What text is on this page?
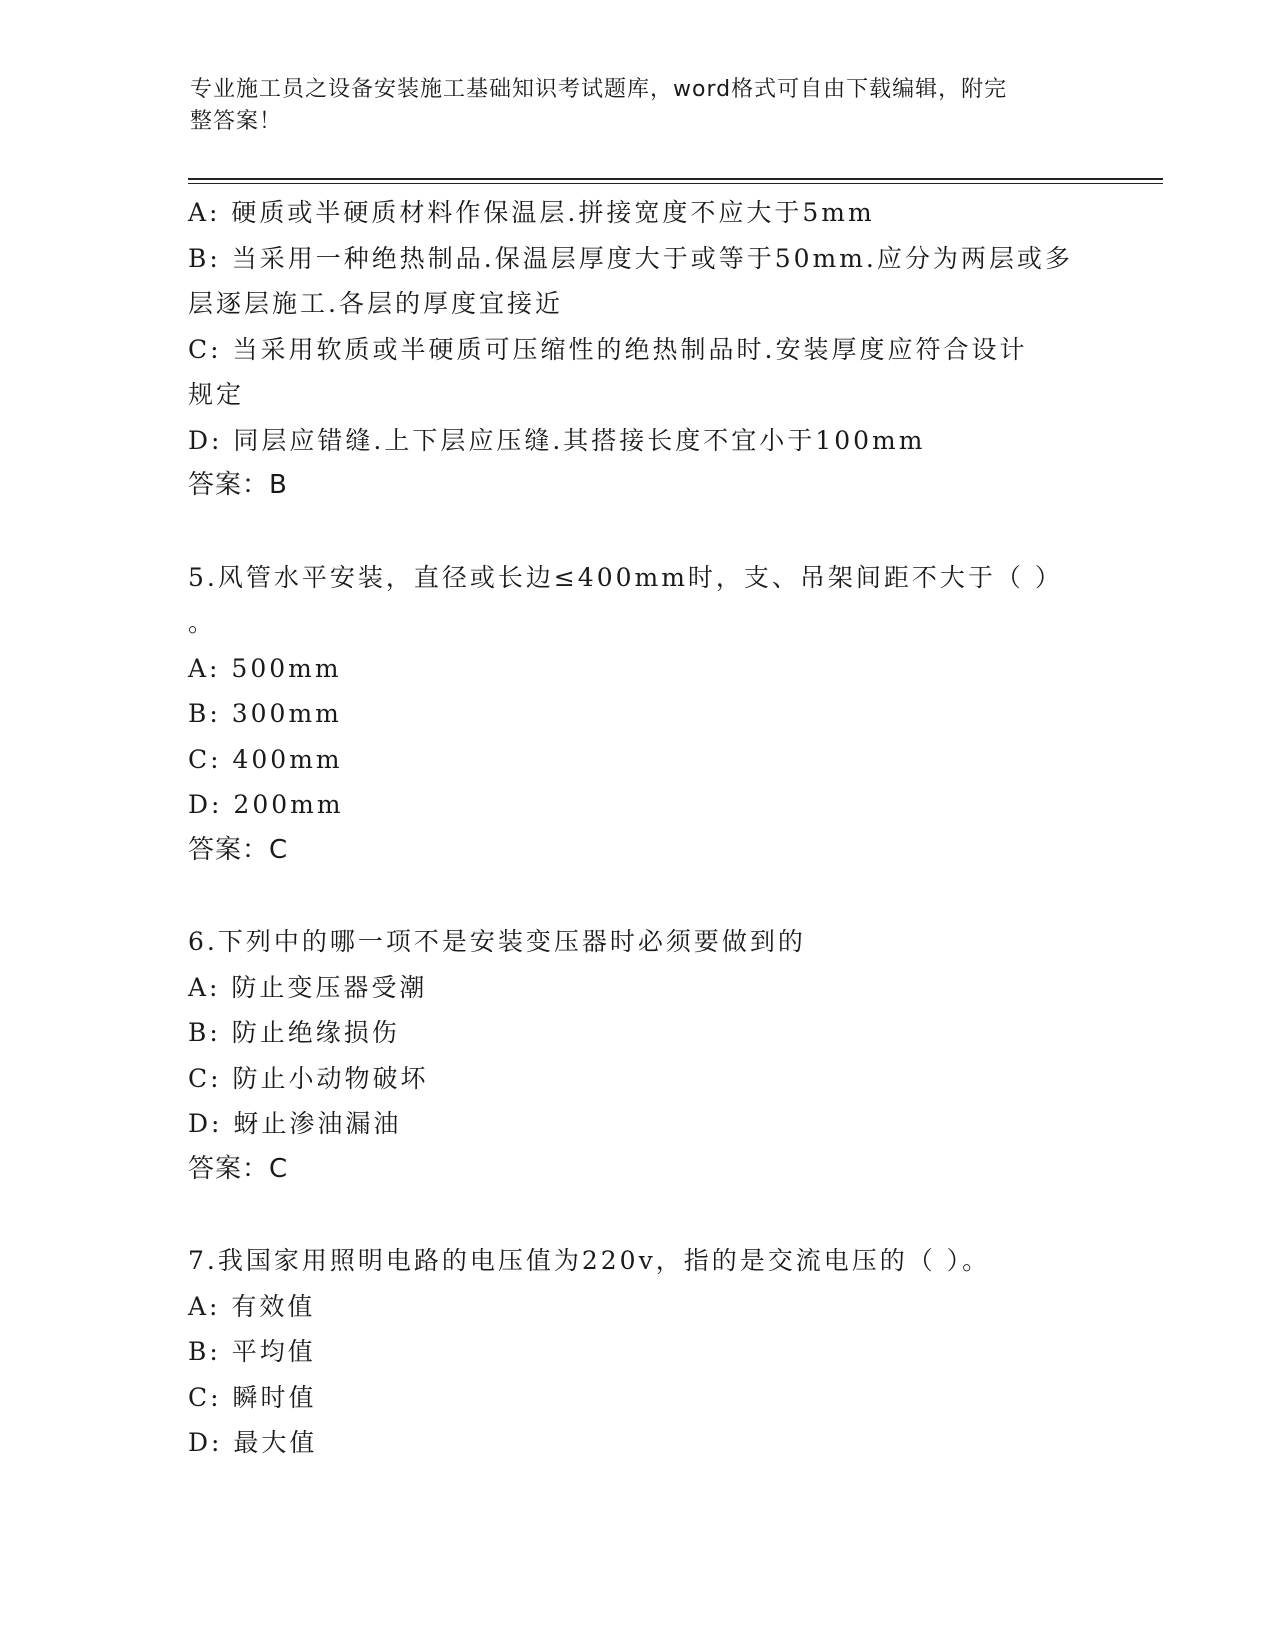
专业施工员之设备安装施工基础知识考试题库，word格式可自由下载编辑，附完
整答案！
A: 硬质或半硬质材料作保温层.拼接宽度不应大于5mm
B: 当采用一种绝热制品.保温层厚度大于或等于50mm.应分为两层或多
层逐层施工.各层的厚度宜接近
C: 当采用软质或半硬质可压缩性的绝热制品时.安装厚度应符合设计
规定
D: 同层应错缝.上下层应压缝.其搭接长度不宜小于100mm
答案：B
5.风管水平安装，直径或长边≤400mm时，支、吊架间距不大于（ ）
。
A: 500mm
B: 300mm
C: 400mm
D: 200mm
答案：C
6.下列中的哪一项不是安装变压器时必须要做到的
A: 防止变压器受潮
B: 防止绝缘损伤
C: 防止小动物破坏
D: 蚜止渗油漏油
答案：C
7.我国家用照明电路的电压值为220v，指的是交流电压的（ ）。
A: 有效值
B: 平均值
C: 瞬时值
D: 最大值
